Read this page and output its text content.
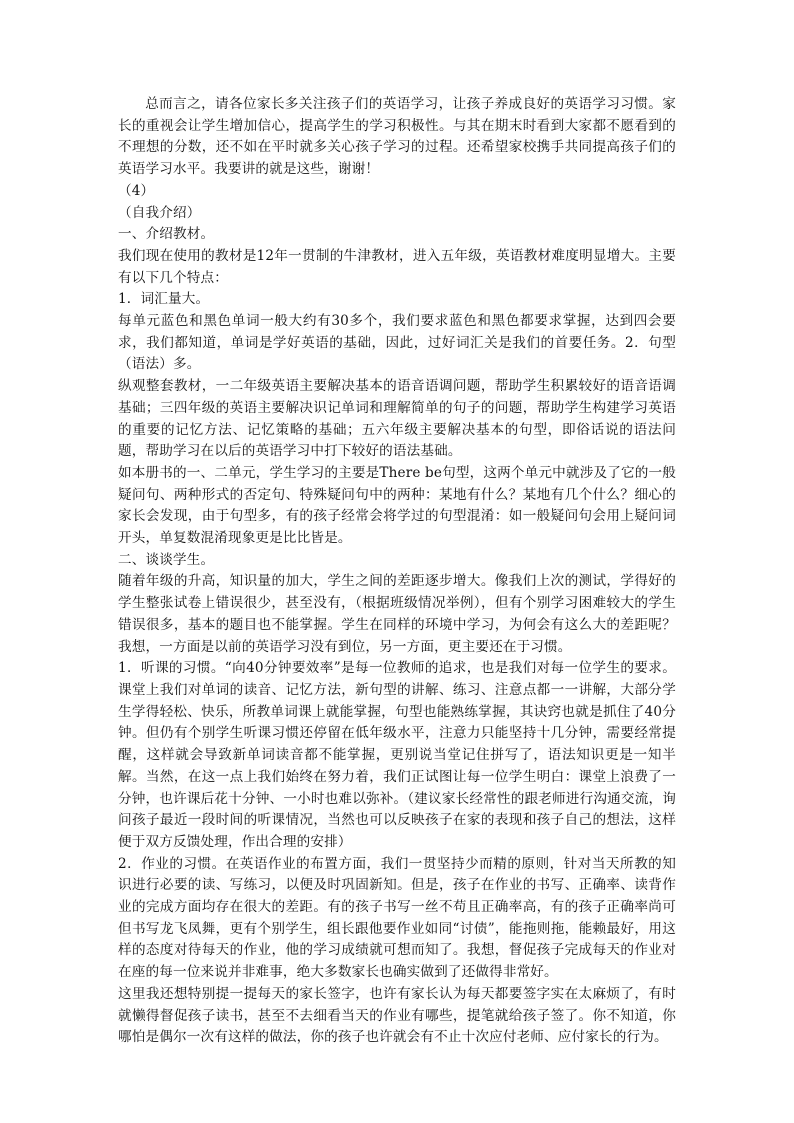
总而言之，请各位家长多关注孩子们的英语学习，让孩子养成良好的英语学习习惯。家长的重视会让学生增加信心，提高学生的学习积极性。与其在期末时看到大家都不愿看到的不理想的分数，还不如在平时就多关心孩子学习的过程。还希望家校携手共同提高孩子们的英语学习水平。我要讲的就是这些，谢谢！

（4）

（自我介绍）

一、介绍教材。

我们现在使用的教材是12年一贯制的牛津教材，进入五年级，英语教材难度明显增大。主要有以下几个特点：

1．词汇量大。

每单元蓝色和黑色单词一般大约有30多个，我们要求蓝色和黑色都要求掌握，达到四会要求，我们都知道，单词是学好英语的基础，因此，过好词汇关是我们的首要任务。2．句型（语法）多。

纵观整套教材，一二年级英语主要解决基本的语音语调问题，帮助学生积累较好的语音语调基础；三四年级的英语主要解决识记单词和理解简单的句子的问题，帮助学生构建学习英语的重要的记忆方法、记忆策略的基础；五六年级主要解决基本的句型，即俗话说的语法问题，帮助学习在以后的英语学习中打下较好的语法基础。

如本册书的一、二单元，学生学习的主要是There be句型，这两个单元中就涉及了它的一般疑问句、两种形式的否定句、特殊疑问句中的两种：某地有什么？某地有几个什么？细心的家长会发现，由于句型多，有的孩子经常会将学过的句型混淆：如一般疑问句会用上疑问词开头，单复数混淆现象更是比比皆是。

二、谈谈学生。

随着年级的升高，知识量的加大，学生之间的差距逐步增大。像我们上次的测试，学得好的学生整张试卷上错误很少，甚至没有，（根据班级情况举例），但有个别学习困难较大的学生错误很多，基本的题目也不能掌握。学生在同样的环境中学习，为何会有这么大的差距呢？我想，一方面是以前的英语学习没有到位，另一方面，更主要还在于习惯。

1．听课的习惯。“向40分钟要效率”是每一位教师的追求，也是我们对每一位学生的要求。课堂上我们对单词的读音、记忆方法，新句型的讲解、练习、注意点都一一讲解，大部分学生学得轻松、快乐，所教单词课上就能掌握，句型也能熟练掌握，其诀窍也就是抓住了40分钟。但仍有个别学生听课习惯还停留在低年级水平，注意力只能坚持十几分钟，需要经常提醒，这样就会导致新单词读音都不能掌握，更别说当堂记住拼写了，语法知识更是一知半解。当然，在这一点上我们始终在努力着，我们正试图让每一位学生明白：课堂上浪费了一分钟，也许课后花十分钟、一小时也难以弥补。（建议家长经常性的跟老师进行沟通交流，询问孩子最近一段时间的听课情况，当然也可以反映孩子在家的表现和孩子自己的想法，这样便于双方反馈处理，作出合理的安排）

2．作业的习惯。在英语作业的布置方面，我们一贯坚持少而精的原则，针对当天所教的知识进行必要的读、写练习，以便及时巩固新知。但是，孩子在作业的书写、正确率、读背作业的完成方面均存在很大的差距。有的孩子书写一丝不苟且正确率高，有的孩子正确率尚可但书写龙飞凤舞，更有个别学生，组长跟他要作业如同“讨债”，能拖则拖，能赖最好，用这样的态度对待每天的作业，他的学习成绩就可想而知了。我想，督促孩子完成每天的作业对在座的每一位来说并非难事，绝大多数家长也确实做到了还做得非常好。

这里我还想特别提一提每天的家长签字，也许有家长认为每天都要签字实在太麻烦了，有时就懒得督促孩子读书，甚至不去细看当天的作业有哪些，提笔就给孩子签了。你不知道，你哪怕是偶尔一次有这样的做法，你的孩子也许就会有不止十次应付老师、应付家长的行为。
